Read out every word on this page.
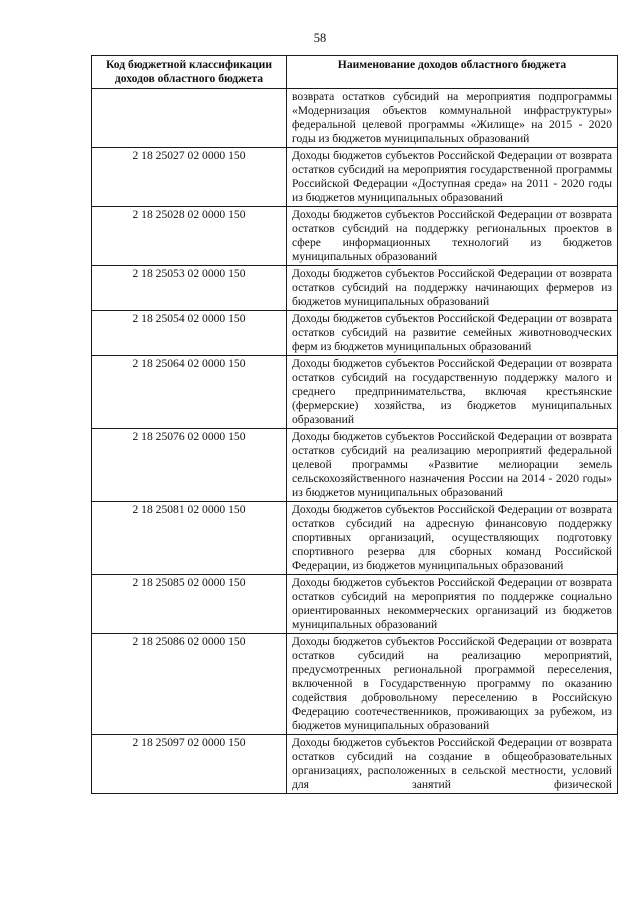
58
Код бюджетной классификации доходов областного бюджета	Наименование доходов областного бюджета
	возврата остатков субсидий на мероприятия подпрограммы «Модернизация объектов коммунальной инфраструктуры» федеральной целевой программы «Жилище» на 2015 - 2020 годы из бюджетов муниципальных образований
2 18 25027 02 0000 150	Доходы бюджетов субъектов Российской Федерации от возврата остатков субсидий на мероприятия государственной программы Российской Федерации «Доступная среда» на 2011 - 2020 годы из бюджетов муниципальных образований
2 18 25028 02 0000 150	Доходы бюджетов субъектов Российской Федерации от возврата остатков субсидий на поддержку региональных проектов в сфере информационных технологий из бюджетов муниципальных образований
2 18 25053 02 0000 150	Доходы бюджетов субъектов Российской Федерации от возврата остатков субсидий на поддержку начинающих фермеров из бюджетов муниципальных образований
2 18 25054 02 0000 150	Доходы бюджетов субъектов Российской Федерации от возврата остатков субсидий на развитие семейных животноводческих ферм из бюджетов муниципальных образований
2 18 25064 02 0000 150	Доходы бюджетов субъектов Российской Федерации от возврата остатков субсидий на государственную поддержку малого и среднего предпринимательства, включая крестьянские (фермерские) хозяйства, из бюджетов муниципальных образований
2 18 25076 02 0000 150	Доходы бюджетов субъектов Российской Федерации от возврата остатков субсидий на реализацию мероприятий федеральной целевой программы «Развитие мелиорации земель сельскохозяйственного назначения России на 2014 - 2020 годы» из бюджетов муниципальных образований
2 18 25081 02 0000 150	Доходы бюджетов субъектов Российской Федерации от возврата остатков субсидий на адресную финансовую поддержку спортивных организаций, осуществляющих подготовку спортивного резерва для сборных команд Российской Федерации, из бюджетов муниципальных образований
2 18 25085 02 0000 150	Доходы бюджетов субъектов Российской Федерации от возврата остатков субсидий на мероприятия по поддержке социально ориентированных некоммерческих организаций из бюджетов муниципальных образований
2 18 25086 02 0000 150	Доходы бюджетов субъектов Российской Федерации от возврата остатков субсидий на реализацию мероприятий, предусмотренных региональной программой переселения, включенной в Государственную программу по оказанию содействия добровольному переселению в Российскую Федерацию соотечественников, проживающих за рубежом, из бюджетов муниципальных образований
2 18 25097 02 0000 150	Доходы бюджетов субъектов Российской Федерации от возврата остатков субсидий на создание в общеобразовательных организациях, расположенных в сельской местности, условий для занятий физической
